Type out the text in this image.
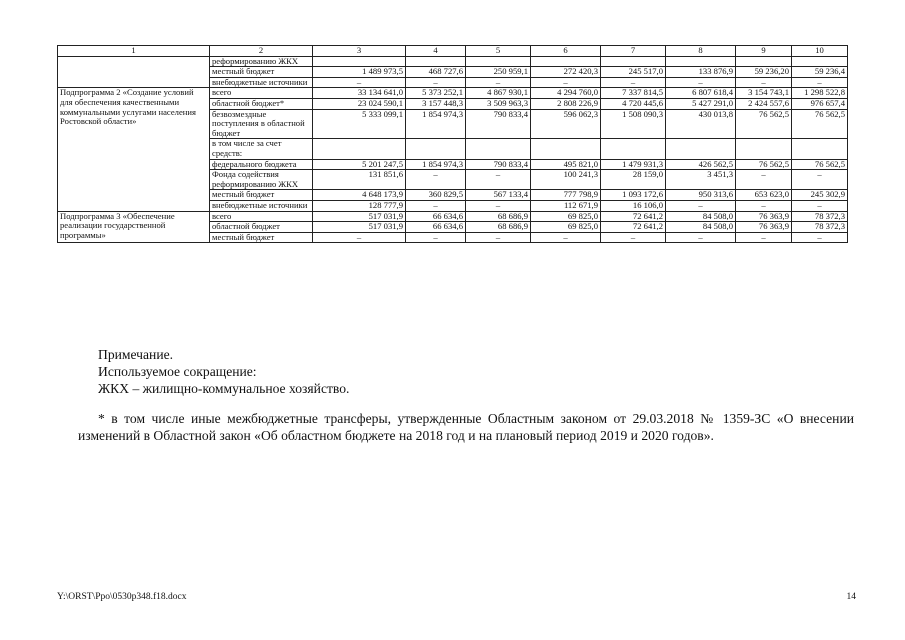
1	2	3	4	5	6	7	8	9	10
	реформированию ЖКХ								
	местный бюджет	1 489 973,5	468 727,6	250 959,1	272 420,3	245 517,0	133 876,9	59 236,20	59 236,4
	внебюджетные источники	–	–	–	–	–	–	–	–
Подпрограмма 2 «Создание условий для обеспечения качественными коммунальными услугами населения Ростовской области»	всего	33 134 641,0	5 373 252,1	4 867 930,1	4 294 760,0	7 337 814,5	6 807 618,4	3 154 743,1	1 298 522,8
	областной бюджет*	23 024 590,1	3 157 448,3	3 509 963,3	2 808 226,9	4 720 445,6	5 427 291,0	2 424 557,6	976 657,4
	безвозмездные поступления в областной бюджет	5 333 099,1	1 854 974,3	790 833,4	596 062,3	1 508 090,3	430 013,8	76 562,5	76 562,5
	в том числе за счет средств:								
	федерального бюджета	5 201 247,5	1 854 974,3	790 833,4	495 821,0	1 479 931,3	426 562,5	76 562,5	76 562,5
	Фонда содействия реформированию ЖКХ	131 851,6	–	–	100 241,3	28 159,0	3 451,3	–	–
	местный бюджет	4 648 173,9	360 829,5	567 133,4	777 798,9	1 093 172,6	950 313,6	653 623,0	245 302,9
	внебюджетные источники	128 777,9	–	–	112 671,9	16 106,0	–	–	–
Подпрограмма 3 «Обеспечение реализации государственной программы»	всего	517 031,9	66 634,6	68 686,9	69 825,0	72 641,2	84 508,0	76 363,9	78 372,3
	областной бюджет	517 031,9	66 634,6	68 686,9	69 825,0	72 641,2	84 508,0	76 363,9	78 372,3
	местный бюджет	–	–	–	–	–	–	–	–
Примечание.
Используемое сокращение:
ЖКХ – жилищно-коммунальное хозяйство.
* в том числе иные межбюджетные трансферы, утвержденные Областным законом от 29.03.2018 № 1359-ЗС «О внесении изменений в Областной закон «Об областном бюджете на 2018 год и на плановый период 2019 и 2020 годов».
Y:\ORST\Ppo\0530p348.f18.docx	14
